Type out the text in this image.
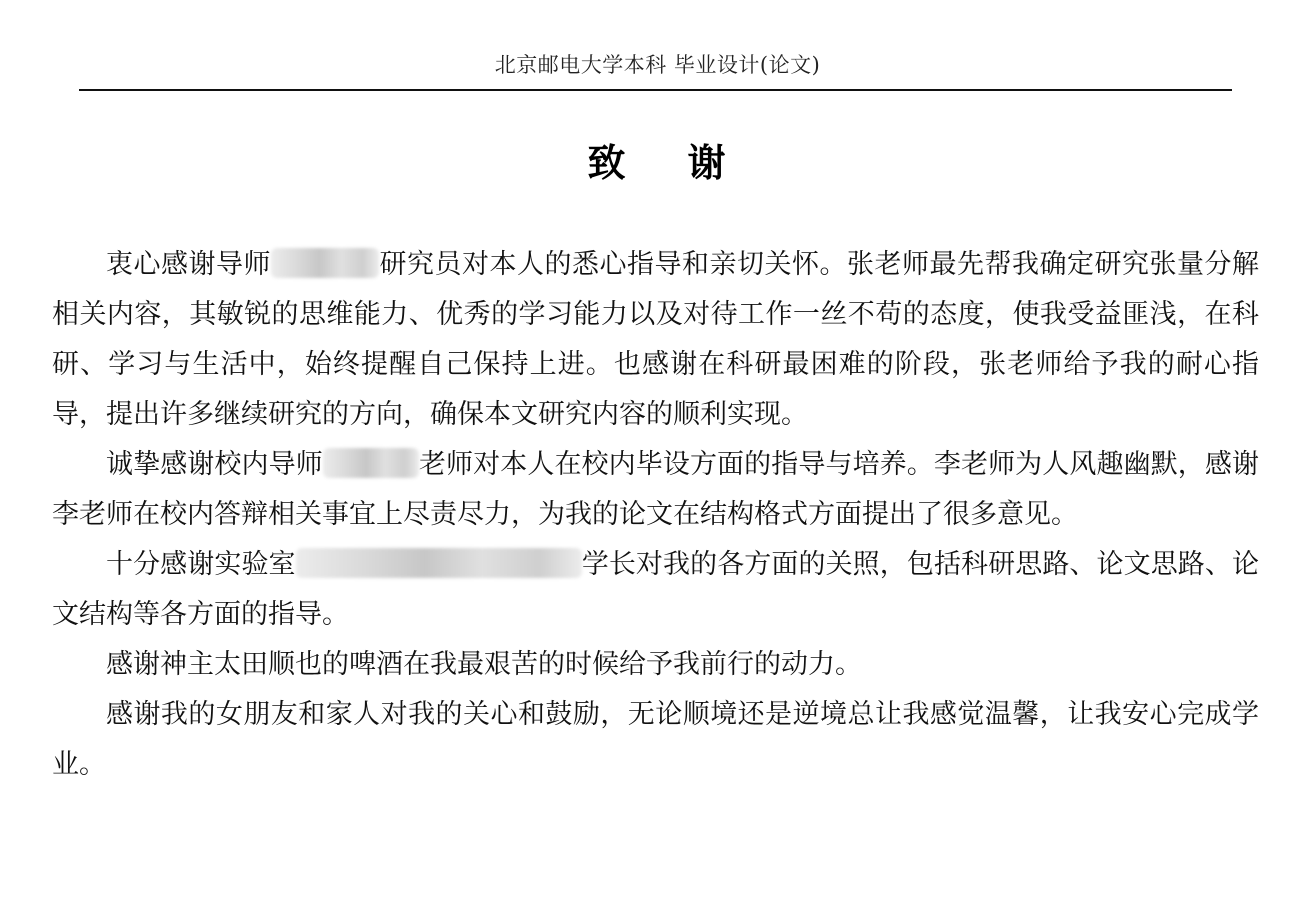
北京邮电大学本科 毕业设计(论文)
致 谢

衷心感谢导师	研究员对本人的悉心指导和亲切关怀。张老师最先帮我确定研究张量分解相关内容，其敏锐的思维能力、优秀的学习能力以及对待工作一丝不苟的态度，使我受益匪浅，在科研、学习与生活中，始终提醒自己保持上进。也感谢在科研最困难的阶段，张老师给予我的耐心指导，提出许多继续研究的方向，确保本文研究内容的顺利实现。

诚挚感谢校内导师	老师对本人在校内毕设方面的指导与培养。李老师为人风趣幽默，感谢李老师在校内答辩相关事宜上尽责尽力，为我的论文在结构格式方面提出了很多意见。

十分感谢实验室	学长对我的各方面的关照，包括科研思路、论文思路、论文结构等各方面的指导。

感谢神主太田顺也的啤酒在我最艰苦的时候给予我前行的动力。

感谢我的女朋友和家人对我的关心和鼓励，无论顺境还是逆境总让我感觉温馨，让我安心完成学业。
